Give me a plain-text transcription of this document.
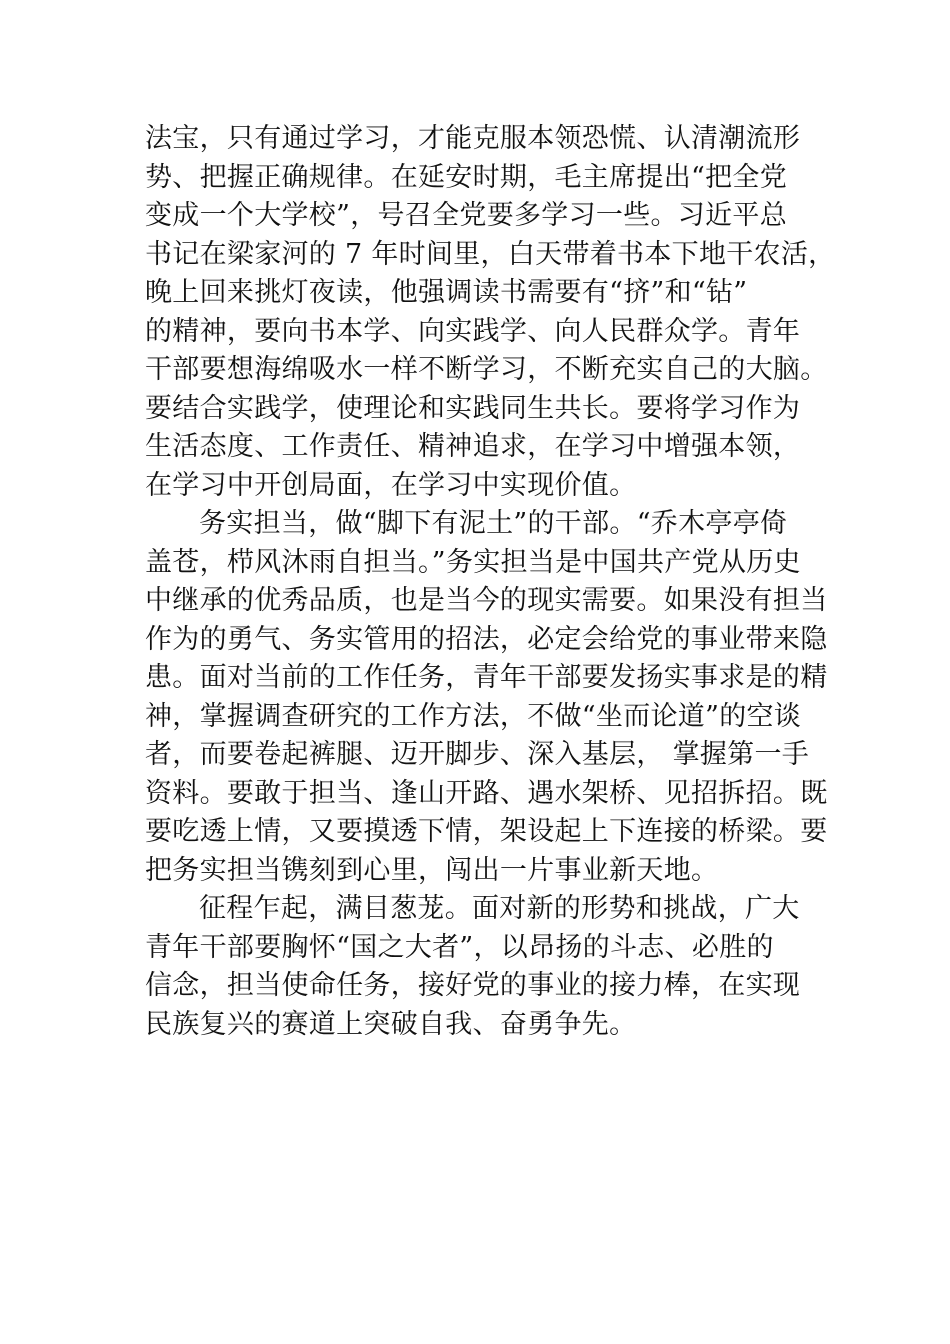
法宝，只有通过学习，才能克服本领恐慌、认清潮流形
势、把握正确规律。在延安时期，毛主席提出“把全党
变成一个大学校”，号召全党要多学习一些。习近平总
书记在梁家河的 7 年时间里，白天带着书本下地干农活，
晚上回来挑灯夜读，他强调读书需要有“挤”和“钻”
的精神，要向书本学、向实践学、向人民群众学。青年
干部要想海绵吸水一样不断学习，不断充实自己的大脑。
要结合实践学，使理论和实践同生共长。要将学习作为
生活态度、工作责任、精神追求，在学习中增强本领，
在学习中开创局面，在学习中实现价值。
务实担当，做“脚下有泥土”的干部。“乔木亭亭倚
盖苍，栉风沐雨自担当。”务实担当是中国共产党从历史
中继承的优秀品质，也是当今的现实需要。如果没有担当
作为的勇气、务实管用的招法，必定会给党的事业带来隐
患。面对当前的工作任务，青年干部要发扬实事求是的精
神，掌握调查研究的工作方法，不做“坐而论道”的空谈
者，而要卷起裤腿、迈开脚步、深入基层， 掌握第一手
资料。要敢于担当、逢山开路、遇水架桥、见招拆招。既
要吃透上情，又要摸透下情，架设起上下连接的桥梁。要
把务实担当镌刻到心里，闯出一片事业新天地。
征程乍起，满目葱茏。面对新的形势和挑战，广大
青年干部要胸怀“国之大者”，以昂扬的斗志、必胜的
信念，担当使命任务，接好党的事业的接力棒，在实现
民族复兴的赛道上突破自我、奋勇争先。
